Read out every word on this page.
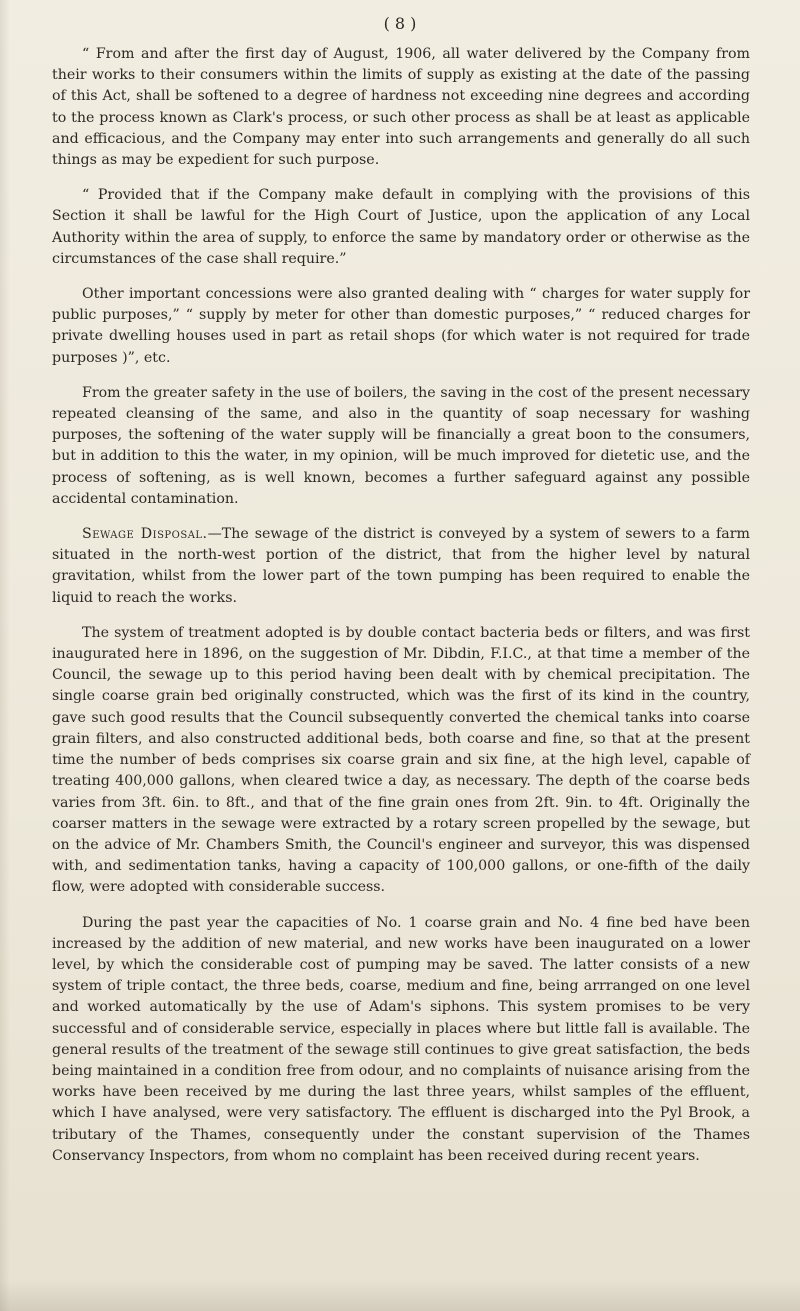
( 8 )

“ From and after the first day of August, 1906, all water delivered by the Company from their works to their consumers within the limits of supply as existing at the date of the passing of this Act, shall be softened to a degree of hardness not exceeding nine degrees and according to the process known as Clark's process, or such other process as shall be at least as applicable and efficacious, and the Company may enter into such arrangements and generally do all such things as may be expedient for such purpose.

“ Provided that if the Company make default in complying with the provisions of this Section it shall be lawful for the High Court of Justice, upon the application of any Local Authority within the area of supply, to enforce the same by mandatory order or otherwise as the circumstances of the case shall require.”

Other important concessions were also granted dealing with “ charges for water supply for public purposes,” “ supply by meter for other than domestic purposes,” “ reduced charges for private dwelling houses used in part as retail shops (for which water is not required for trade purposes )”, etc.

From the greater safety in the use of boilers, the saving in the cost of the present necessary repeated cleansing of the same, and also in the quantity of soap necessary for washing purposes, the softening of the water supply will be financially a great boon to the consumers, but in addition to this the water, in my opinion, will be much improved for dietetic use, and the process of softening, as is well known, becomes a further safeguard against any possible accidental contamination.

Sewage Disposal.—The sewage of the district is conveyed by a system of sewers to a farm situated in the north-west portion of the district, that from the higher level by natural gravitation, whilst from the lower part of the town pumping has been required to enable the liquid to reach the works.

The system of treatment adopted is by double contact bacteria beds or filters, and was first inaugurated here in 1896, on the suggestion of Mr. Dibdin, F.I.C., at that time a member of the Council, the sewage up to this period having been dealt with by chemical precipitation. The single coarse grain bed originally constructed, which was the first of its kind in the country, gave such good results that the Council subsequently converted the chemical tanks into coarse grain filters, and also constructed additional beds, both coarse and fine, so that at the present time the number of beds comprises six coarse grain and six fine, at the high level, capable of treating 400,000 gallons, when cleared twice a day, as necessary. The depth of the coarse beds varies from 3ft. 6in. to 8ft., and that of the fine grain ones from 2ft. 9in. to 4ft. Originally the coarser matters in the sewage were extracted by a rotary screen propelled by the sewage, but on the advice of Mr. Chambers Smith, the Council's engineer and surveyor, this was dispensed with, and sedimentation tanks, having a capacity of 100,000 gallons, or one-fifth of the daily flow, were adopted with considerable success.

During the past year the capacities of No. 1 coarse grain and No. 4 fine bed have been increased by the addition of new material, and new works have been inaugurated on a lower level, by which the considerable cost of pumping may be saved. The latter consists of a new system of triple contact, the three beds, coarse, medium and fine, being arrranged on one level and worked automatically by the use of Adam's siphons. This system promises to be very successful and of considerable service, especially in places where but little fall is available. The general results of the treatment of the sewage still continues to give great satisfaction, the beds being maintained in a condition free from odour, and no complaints of nuisance arising from the works have been received by me during the last three years, whilst samples of the effluent, which I have analysed, were very satisfactory. The effluent is discharged into the Pyl Brook, a tributary of the Thames, consequently under the constant supervision of the Thames Conservancy Inspectors, from whom no complaint has been received during recent years.
